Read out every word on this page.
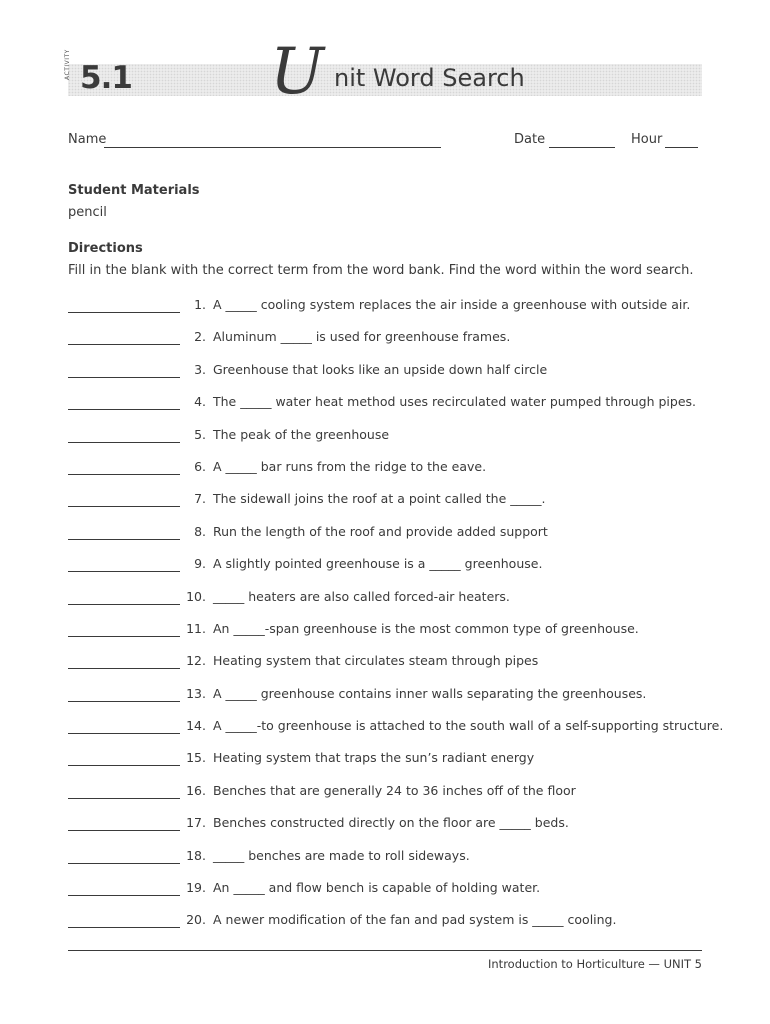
ACTIVITY 5.1 U nit Word Search
Name	Date	Hour
Student Materials
pencil
Directions
Fill in the blank with the correct term from the word bank. Find the word within the word search.
1. A _____ cooling system replaces the air inside a greenhouse with outside air.
2. Aluminum _____ is used for greenhouse frames.
3. Greenhouse that looks like an upside down half circle
4. The _____ water heat method uses recirculated water pumped through pipes.
5. The peak of the greenhouse
6. A _____ bar runs from the ridge to the eave.
7. The sidewall joins the roof at a point called the _____.
8. Run the length of the roof and provide added support
9. A slightly pointed greenhouse is a _____ greenhouse.
10. _____ heaters are also called forced-air heaters.
11. An _____-span greenhouse is the most common type of greenhouse.
12. Heating system that circulates steam through pipes
13. A _____ greenhouse contains inner walls separating the greenhouses.
14. A _____-to greenhouse is attached to the south wall of a self-supporting structure.
15. Heating system that traps the sun’s radiant energy
16. Benches that are generally 24 to 36 inches off of the floor
17. Benches constructed directly on the floor are _____ beds.
18. _____ benches are made to roll sideways.
19. An _____ and flow bench is capable of holding water.
20. A newer modification of the fan and pad system is _____ cooling.
Introduction to Horticulture — UNIT 5
